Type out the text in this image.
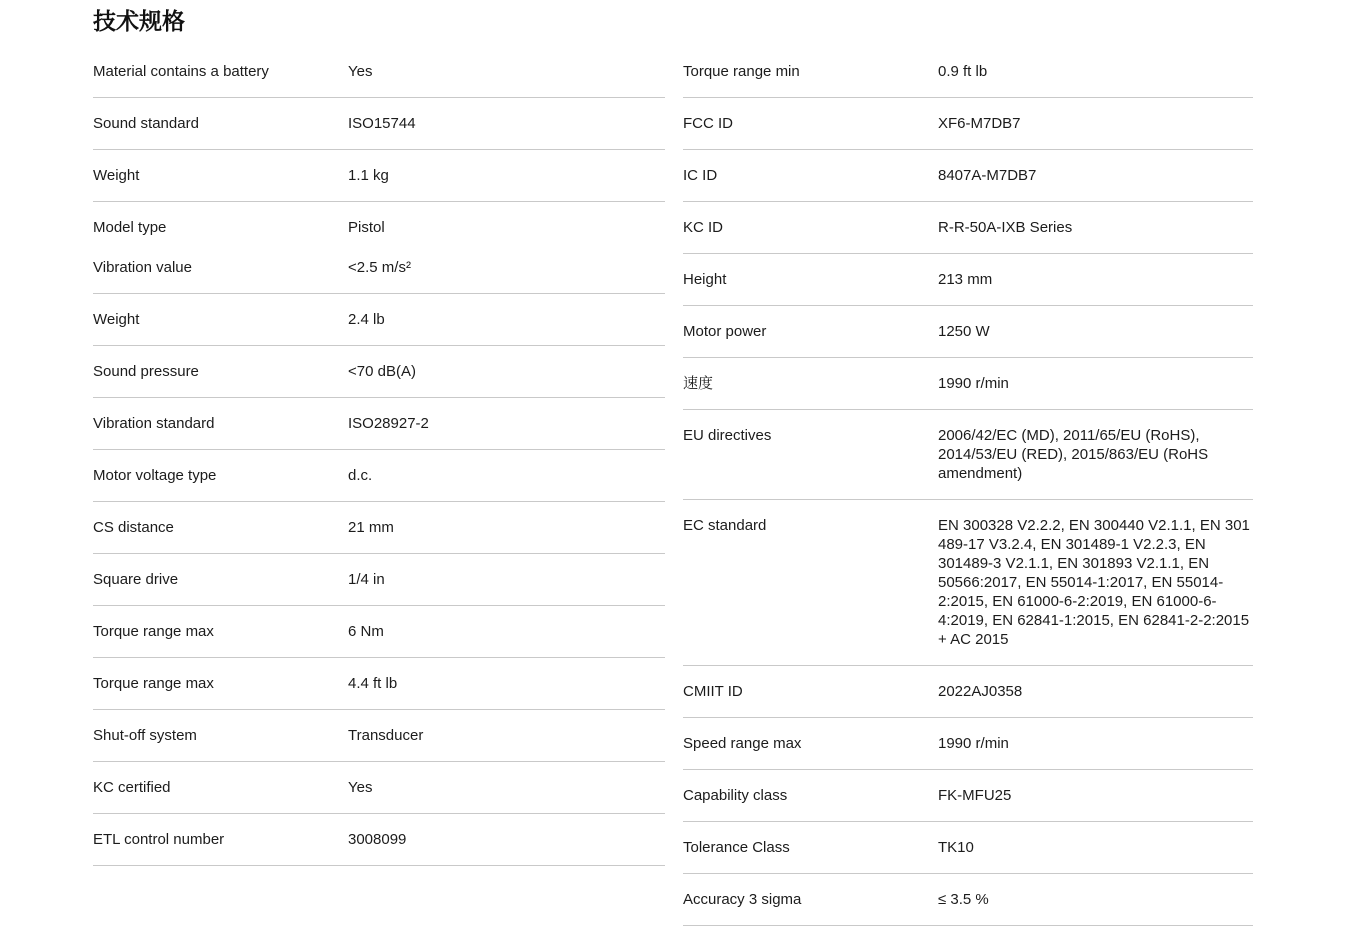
技术规格
Material contains a battery	Yes
Sound standard	ISO15744
Weight	1.1 kg
Model type	Pistol
Vibration value	<2.5 m/s²
Weight	2.4 lb
Sound pressure	<70 dB(A)
Vibration standard	ISO28927-2
Motor voltage type	d.c.
CS distance	21 mm
Square drive	1/4 in
Torque range max	6 Nm
Torque range max	4.4 ft lb
Shut-off system	Transducer
KC certified	Yes
ETL control number	3008099
Torque range min	0.9 ft lb
FCC ID	XF6-M7DB7
IC ID	8407A-M7DB7
KC ID	R-R-50A-IXB Series
Height	213 mm
Motor power	1250 W
速度	1990 r/min
EU directives	2006/42/EC (MD), 2011/65/EU (RoHS), 2014/53/EU (RED), 2015/863/EU (RoHS amendment)
EC standard	EN 300328 V2.2.2, EN 300440 V2.1.1, EN 301 489-17 V3.2.4, EN 301489-1 V2.2.3, EN 301489-3 V2.1.1, EN 301893 V2.1.1, EN 50566:2017, EN 55014-1:2017, EN 55014-2:2015, EN 61000-6-2:2019, EN 61000-6-4:2019, EN 62841-1:2015, EN 62841-2-2:2015 + AC 2015
CMIIT ID	2022AJ0358
Speed range max	1990 r/min
Capability class	FK-MFU25
Tolerance Class	TK10
Accuracy 3 sigma	≤ 3.5 %
